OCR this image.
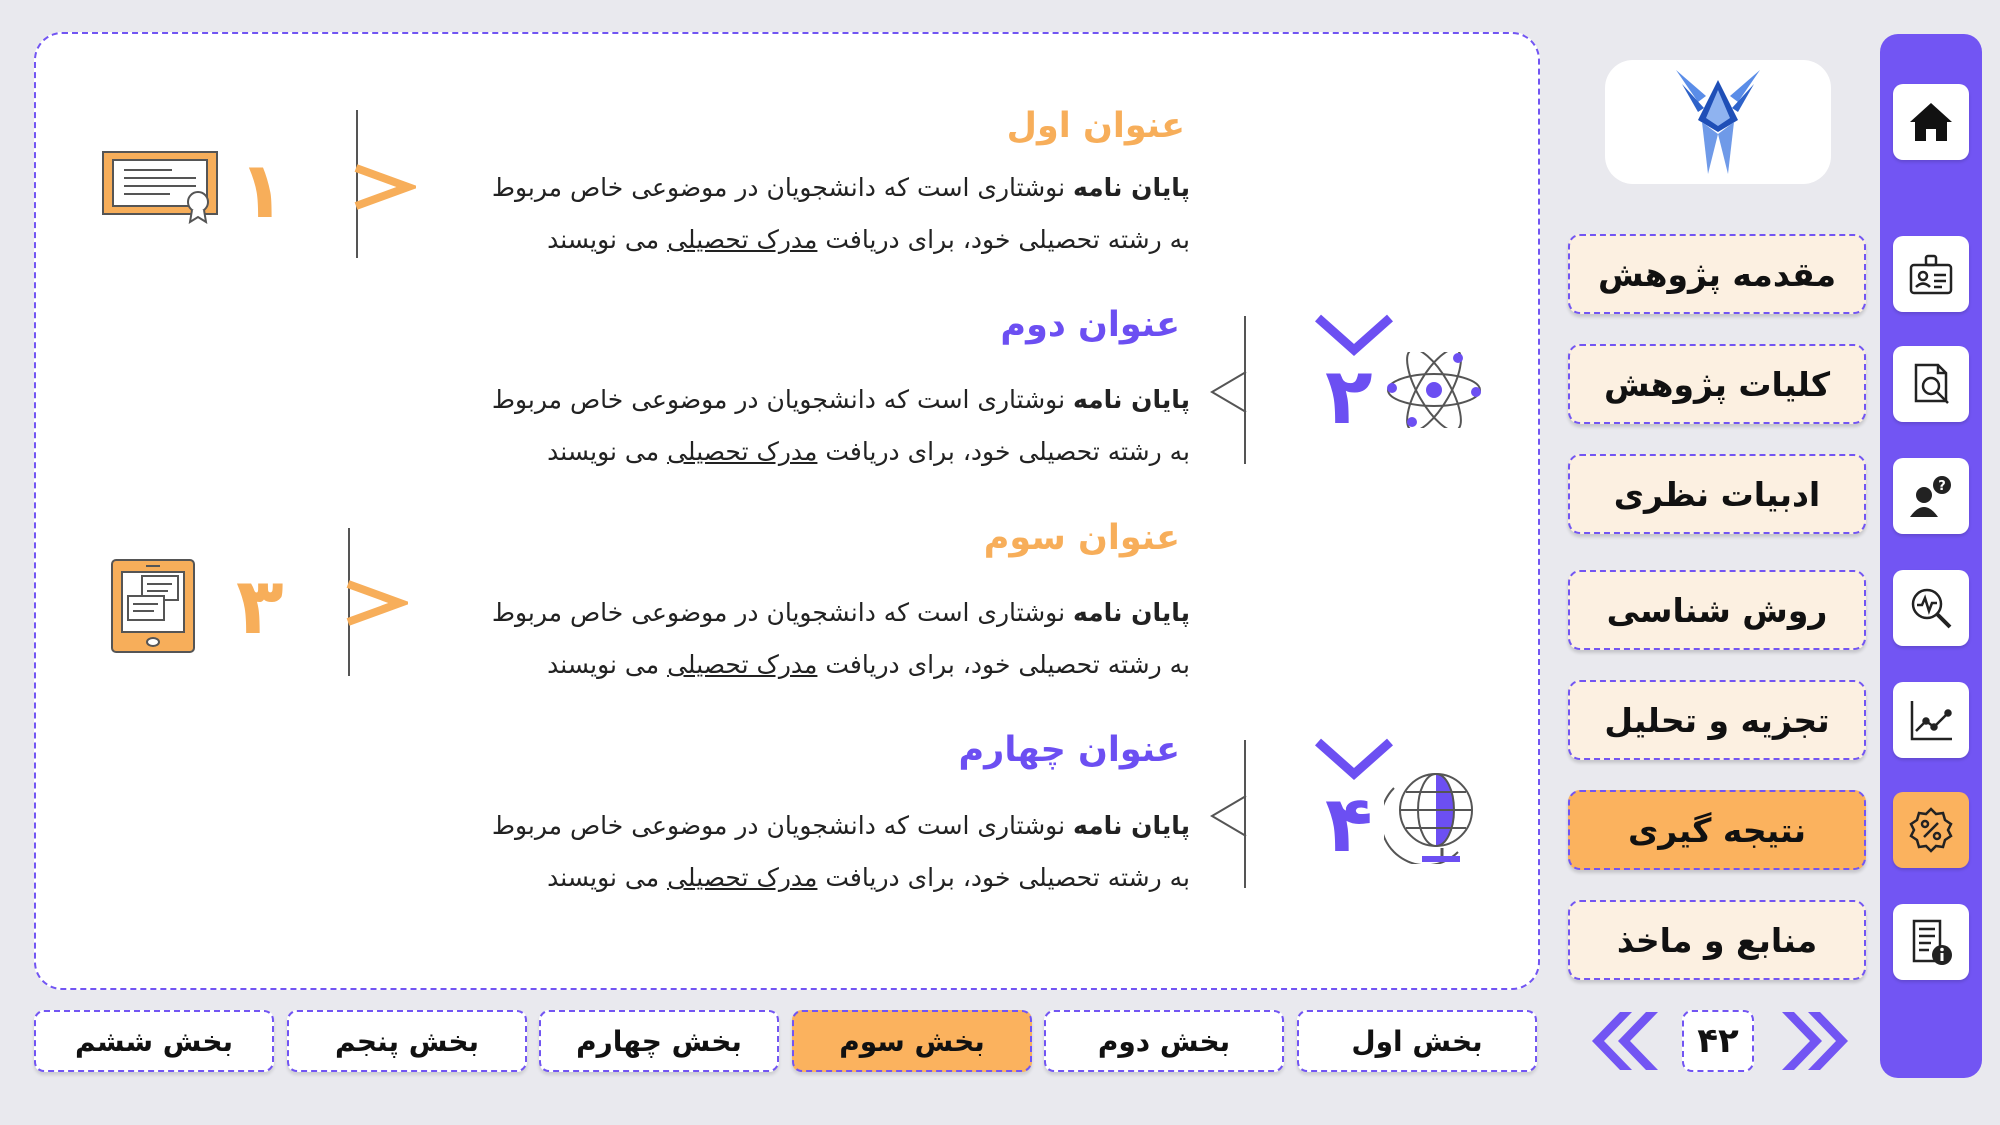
?
مقدمه پژوهش
کلیات پژوهش
ادبیات نظری
روش شناسی
تجزیه و تحلیل
نتیجه گیری
منابع و ماخذ
عنوان اول
پایان نامه نوشتاری است که دانشجویان در موضوعی خاص مربوط
به رشته تحصیلی خود، برای دریافت مدرک تحصیلی می نویسند
۱
عنوان دوم
پایان نامه نوشتاری است که دانشجویان در موضوعی خاص مربوط
به رشته تحصیلی خود، برای دریافت مدرک تحصیلی می نویسند
۲
عنوان سوم
پایان نامه نوشتاری است که دانشجویان در موضوعی خاص مربوط
به رشته تحصیلی خود، برای دریافت مدرک تحصیلی می نویسند
۳
عنوان چهارم
پایان نامه نوشتاری است که دانشجویان در موضوعی خاص مربوط
به رشته تحصیلی خود، برای دریافت مدرک تحصیلی می نویسند
۴
بخش ششم	بخش پنجم	بخش چهارم	بخش سوم	بخش دوم	بخش اول	۴۲
